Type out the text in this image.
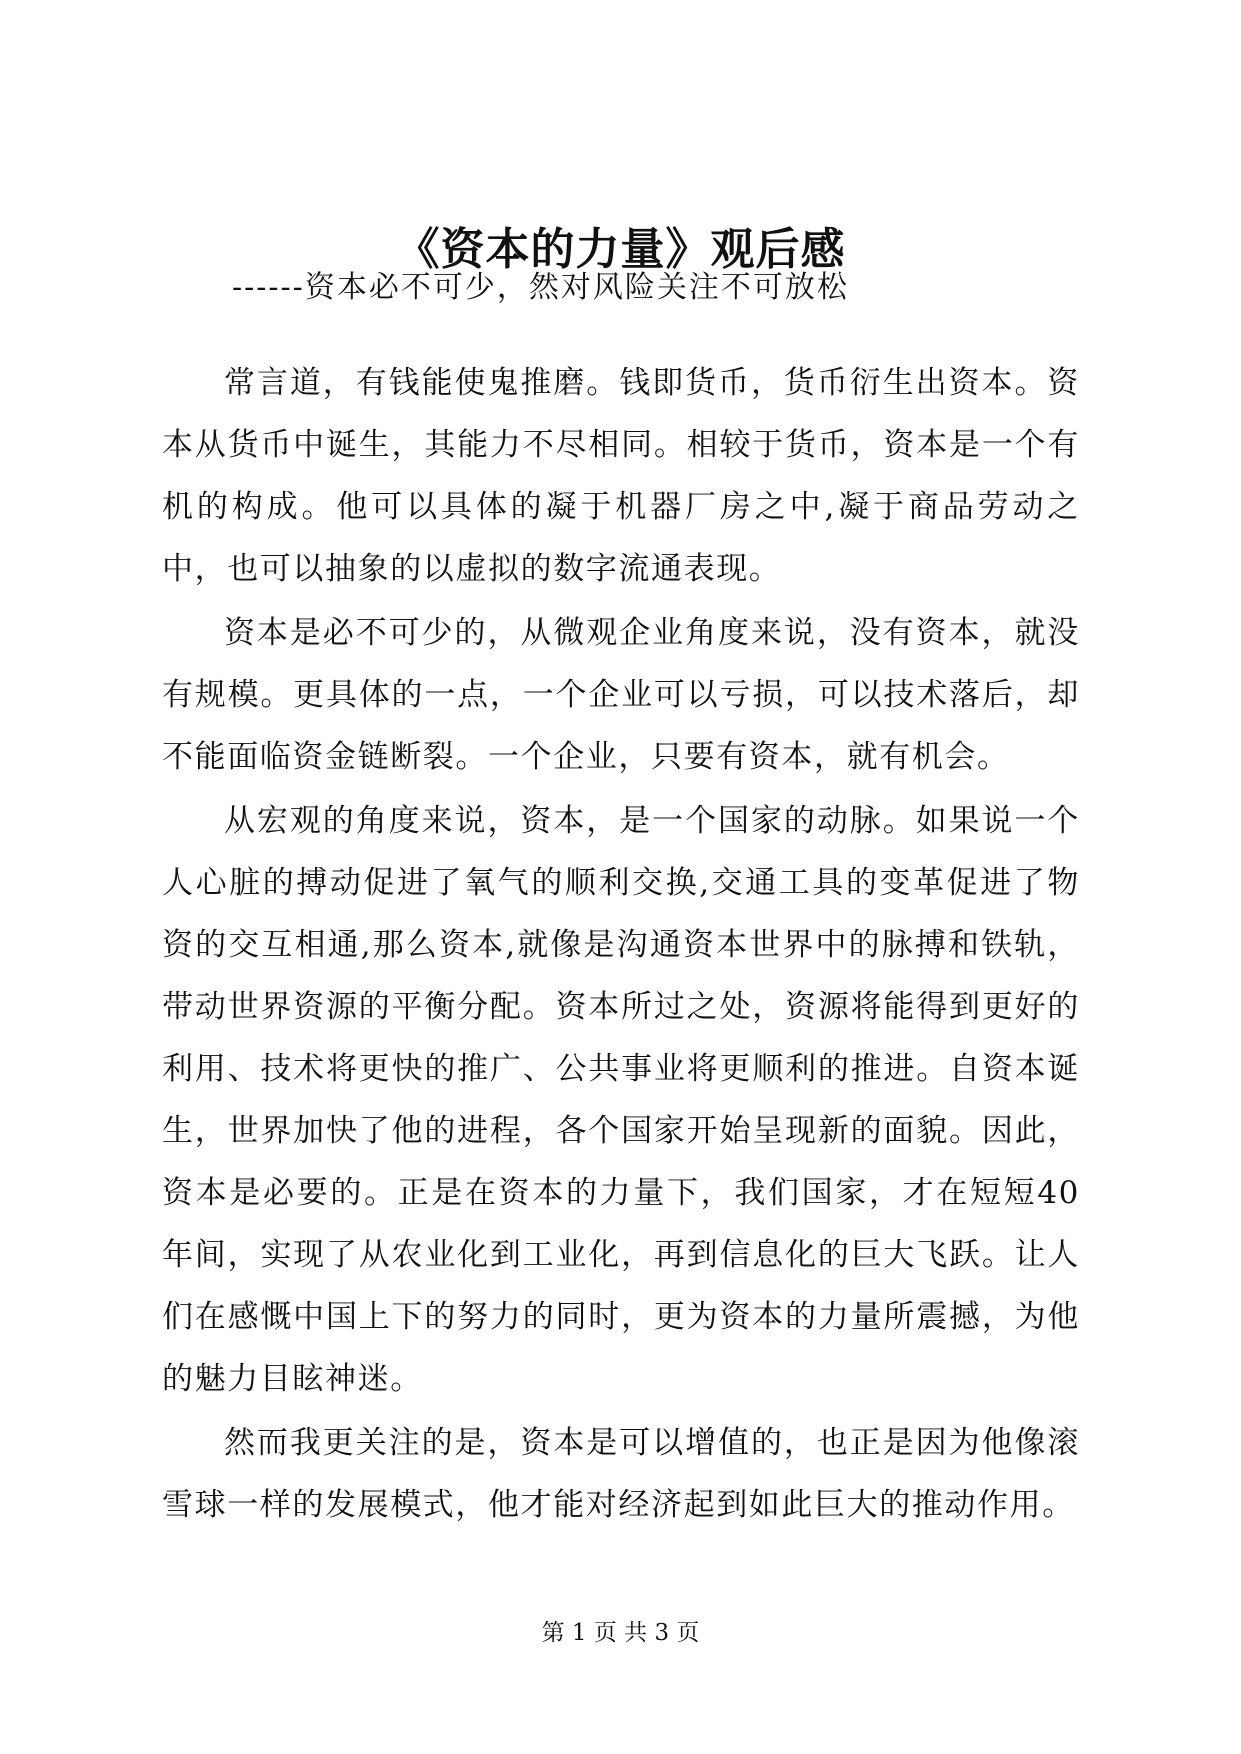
《资本的力量》观后感
------资本必不可少，然对风险关注不可放松

常言道，有钱能使鬼推磨。钱即货币，货币衍生出资本。资本从货币中诞生，其能力不尽相同。相较于货币，资本是一个有机的构成。他可以具体的凝于机器厂房之中,凝于商品劳动之中，也可以抽象的以虚拟的数字流通表现。

资本是必不可少的，从微观企业角度来说，没有资本，就没有规模。更具体的一点，一个企业可以亏损，可以技术落后，却不能面临资金链断裂。一个企业，只要有资本，就有机会。

从宏观的角度来说，资本，是一个国家的动脉。如果说一个人心脏的搏动促进了氧气的顺利交换,交通工具的变革促进了物资的交互相通,那么资本,就像是沟通资本世界中的脉搏和铁轨，带动世界资源的平衡分配。资本所过之处，资源将能得到更好的利用、技术将更快的推广、公共事业将更顺利的推进。自资本诞生，世界加快了他的进程，各个国家开始呈现新的面貌。因此，资本是必要的。正是在资本的力量下，我们国家，才在短短40年间，实现了从农业化到工业化，再到信息化的巨大飞跃。让人们在感慨中国上下的努力的同时，更为资本的力量所震撼，为他的魅力目眩神迷。

然而我更关注的是，资本是可以增值的，也正是因为他像滚雪球一样的发展模式，他才能对经济起到如此巨大的推动作用。

第 1 页 共 3 页
